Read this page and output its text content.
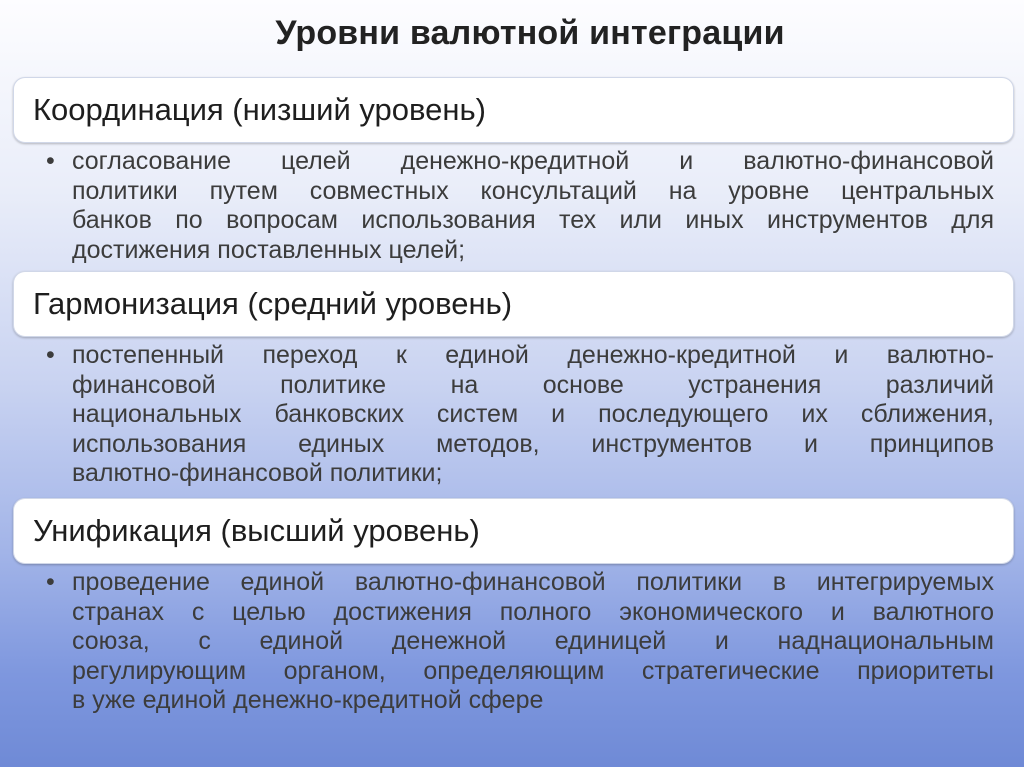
Уровни валютной интеграции
Координация (низший уровень)
• согласование целей денежно-кредитной и валютно-финансовой
политики путем совместных консультаций на уровне центральных
банков по вопросам использования тех или иных инструментов для
достижения поставленных целей;
Гармонизация (средний уровень)
• постепенный переход к единой денежно-кредитной и валютно-
финансовой политике на основе устранения различий
национальных банковских систем и последующего их сближения,
использования единых методов, инструментов и принципов
валютно-финансовой политики;
Унификация (высший уровень)
• проведение единой валютно-финансовой политики в интегрируемых
странах с целью достижения полного экономического и валютного
союза, с единой денежной единицей и наднациональным
регулирующим органом, определяющим стратегические приоритеты
в уже единой денежно-кредитной сфере
